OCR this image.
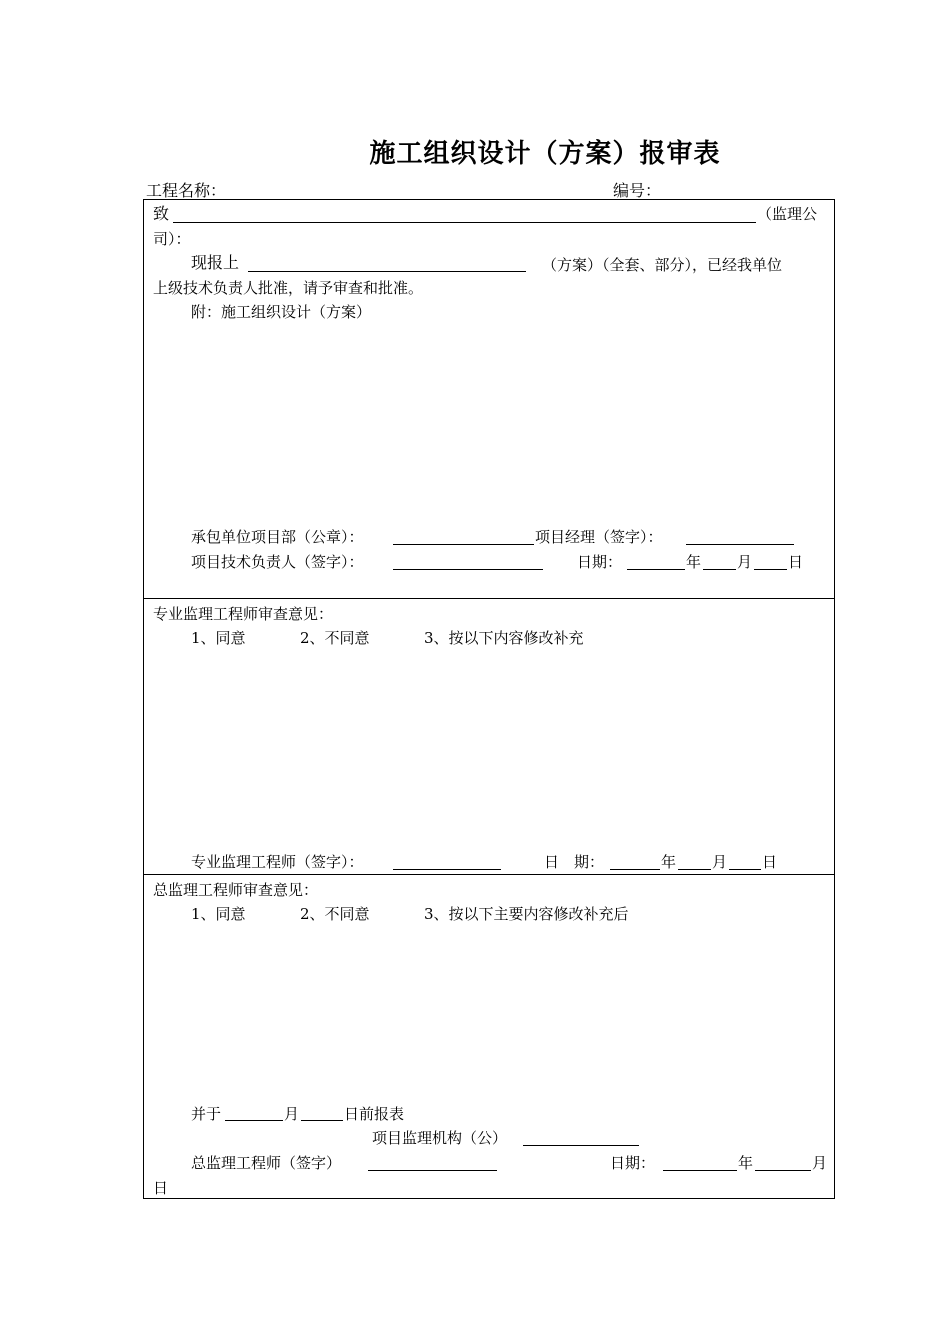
施工组织设计（方案）报审表
工程名称：	编号：
致	（监理公
司）：
现报上	（方案）（全套、部分），已经我单位
上级技术负责人批准，请予审查和批准。
附：施工组织设计（方案）
承包单位项目部（公章）：	项目经理（签字）：
项目技术负责人（签字）：	日期：	年 月 日
专业监理工程师审查意见：
1、同意	2、不同意	3、按以下内容修改补充
专业监理工程师（签字）：	日　期：	年 月 日
总监理工程师审查意见：
1、同意	2、不同意	3、按以下主要内容修改补充后
并于	月	日前报表
项目监理机构（公）
总监理工程师（签字）	日期：	年	月
日
